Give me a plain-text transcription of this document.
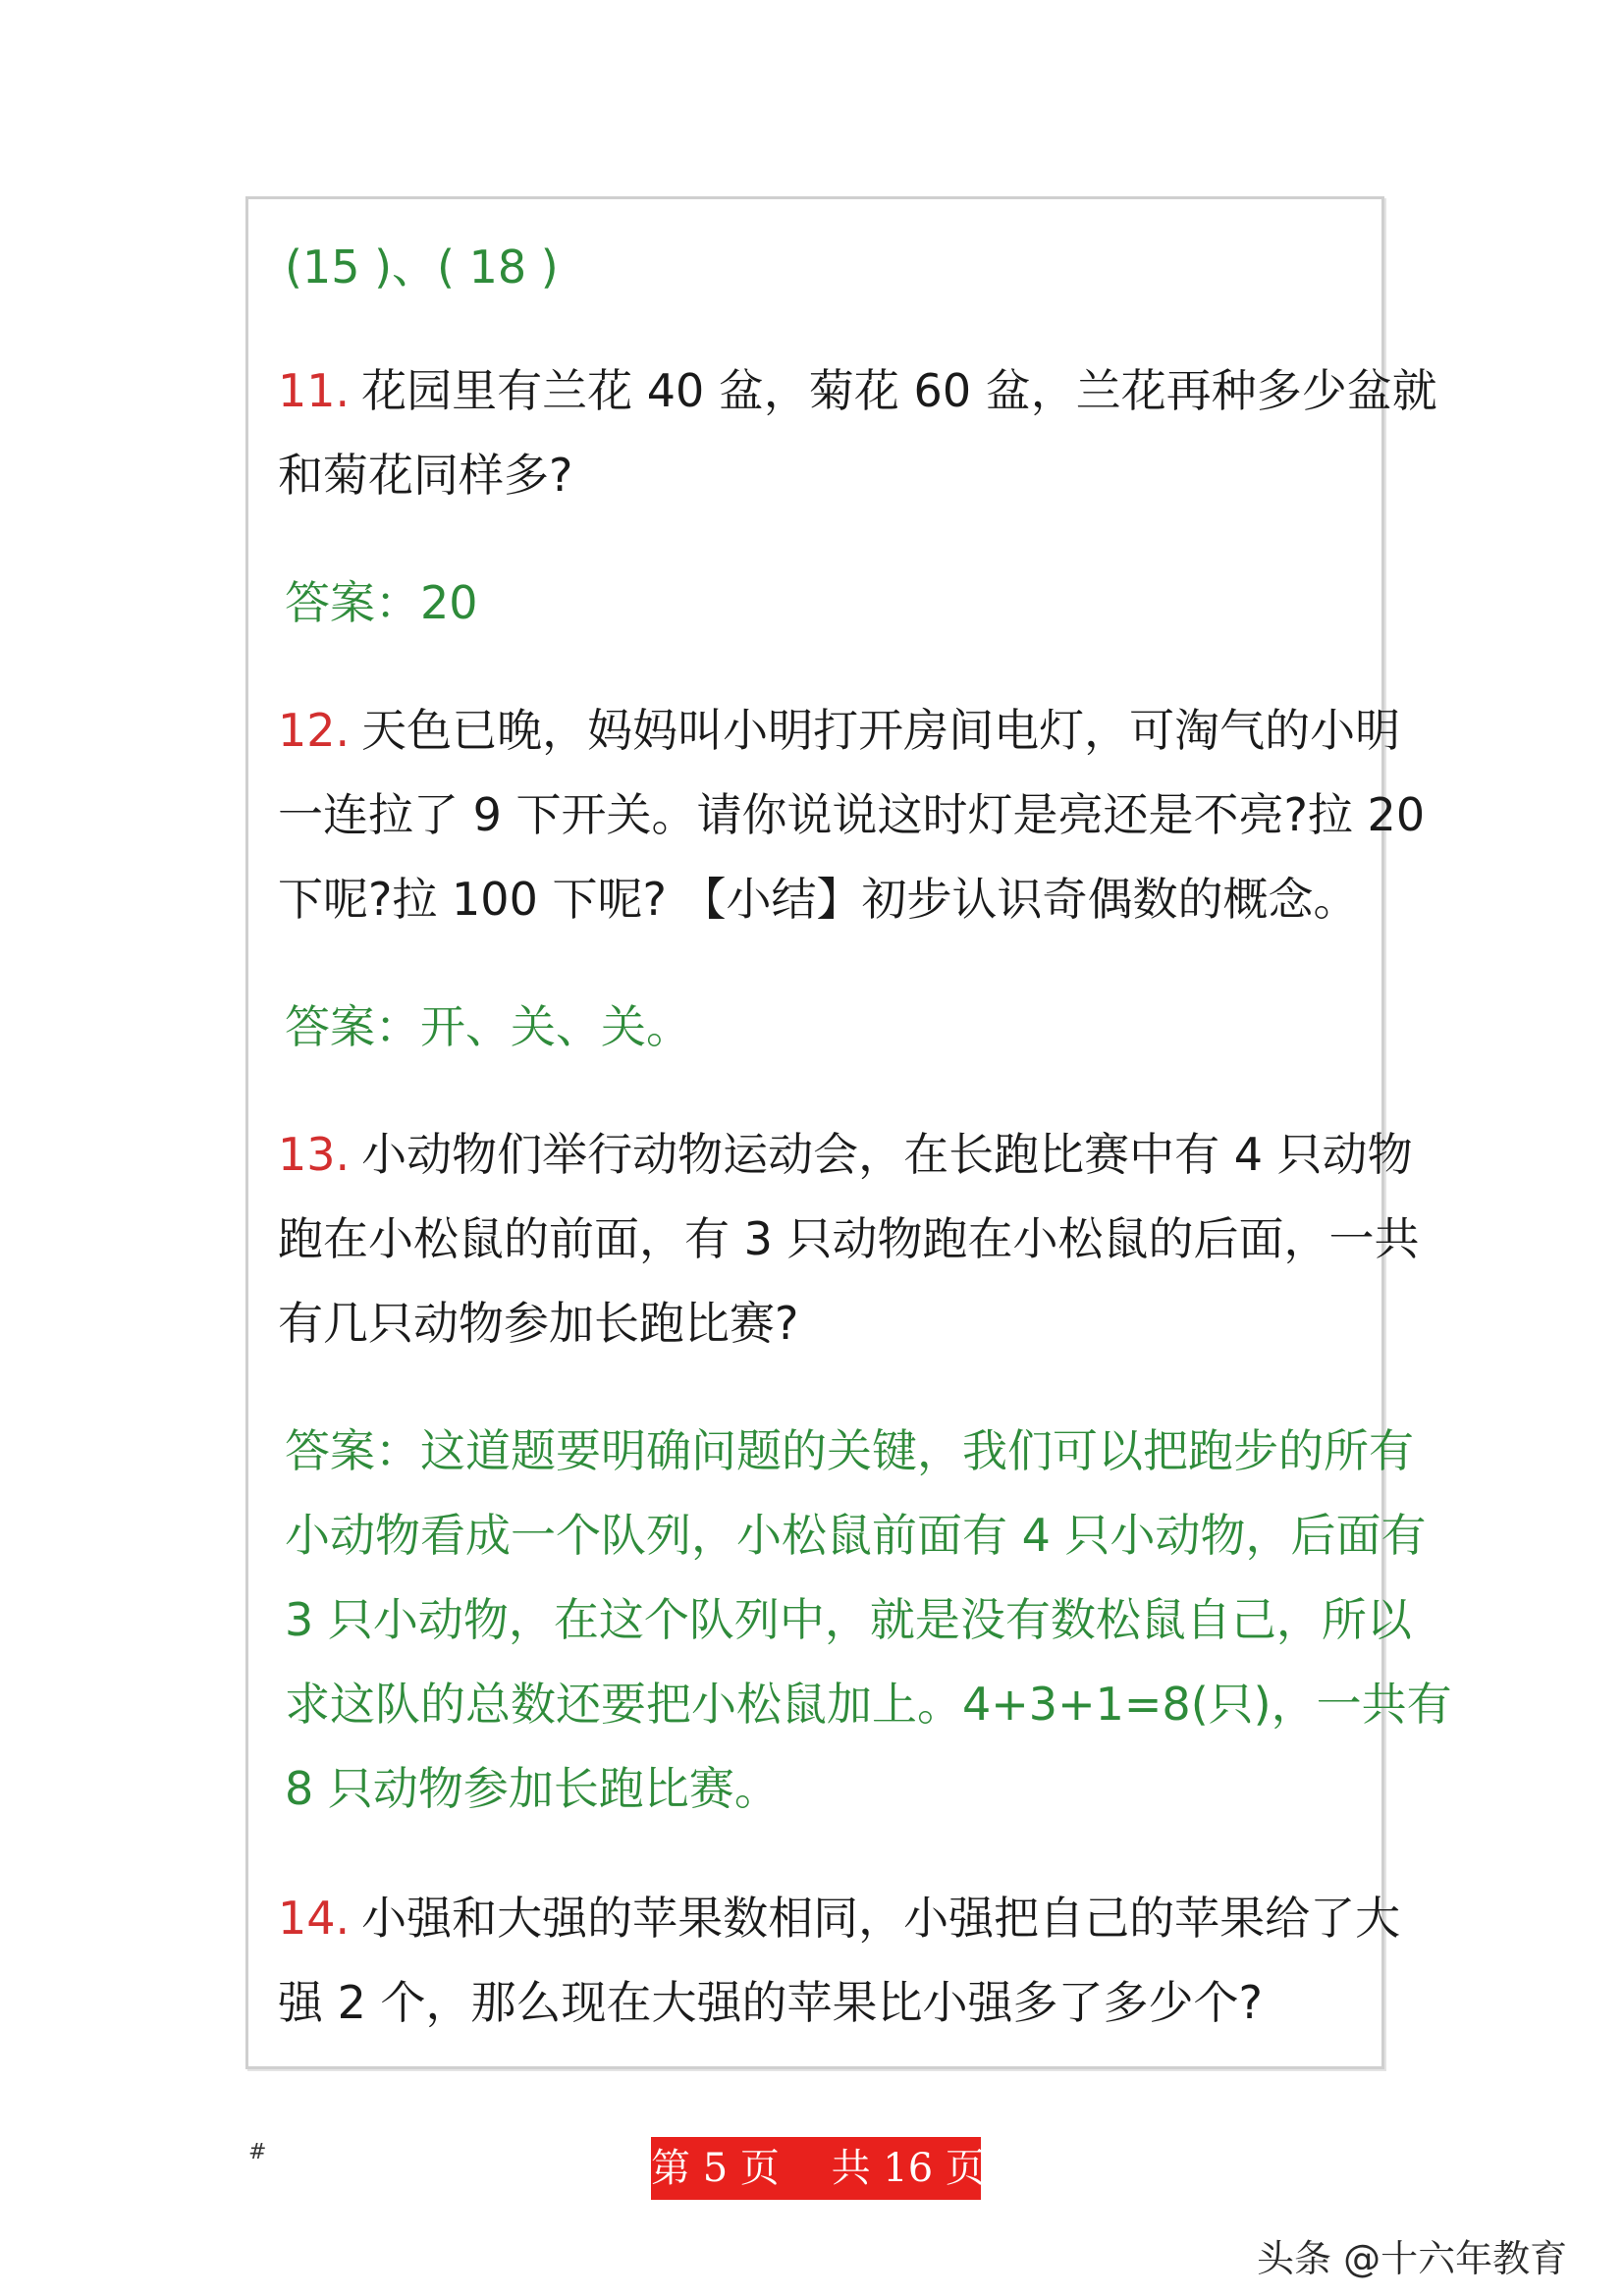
(15 )、( 18 )
11. 花园里有兰花 40 盆，菊花 60 盆，兰花再种多少盆就
和菊花同样多?
答案：20
12. 天色已晚，妈妈叫小明打开房间电灯，可淘气的小明
一连拉了 9 下开关。请你说说这时灯是亮还是不亮?拉 20
下呢?拉 100 下呢? 【小结】初步认识奇偶数的概念。
答案：开、关、关。
13. 小动物们举行动物运动会，在长跑比赛中有 4 只动物
跑在小松鼠的前面，有 3 只动物跑在小松鼠的后面，一共
有几只动物参加长跑比赛?
答案：这道题要明确问题的关键，我们可以把跑步的所有
小动物看成一个队列，小松鼠前面有 4 只小动物，后面有
3 只小动物，在这个队列中，就是没有数松鼠自己，所以
求这队的总数还要把小松鼠加上。4+3+1=8(只)，一共有
8 只动物参加长跑比赛。
14. 小强和大强的苹果数相同，小强把自己的苹果给了大
强 2 个，那么现在大强的苹果比小强多了多少个?
#	第 5 页　 共 16 页
头条 @十六年教育
